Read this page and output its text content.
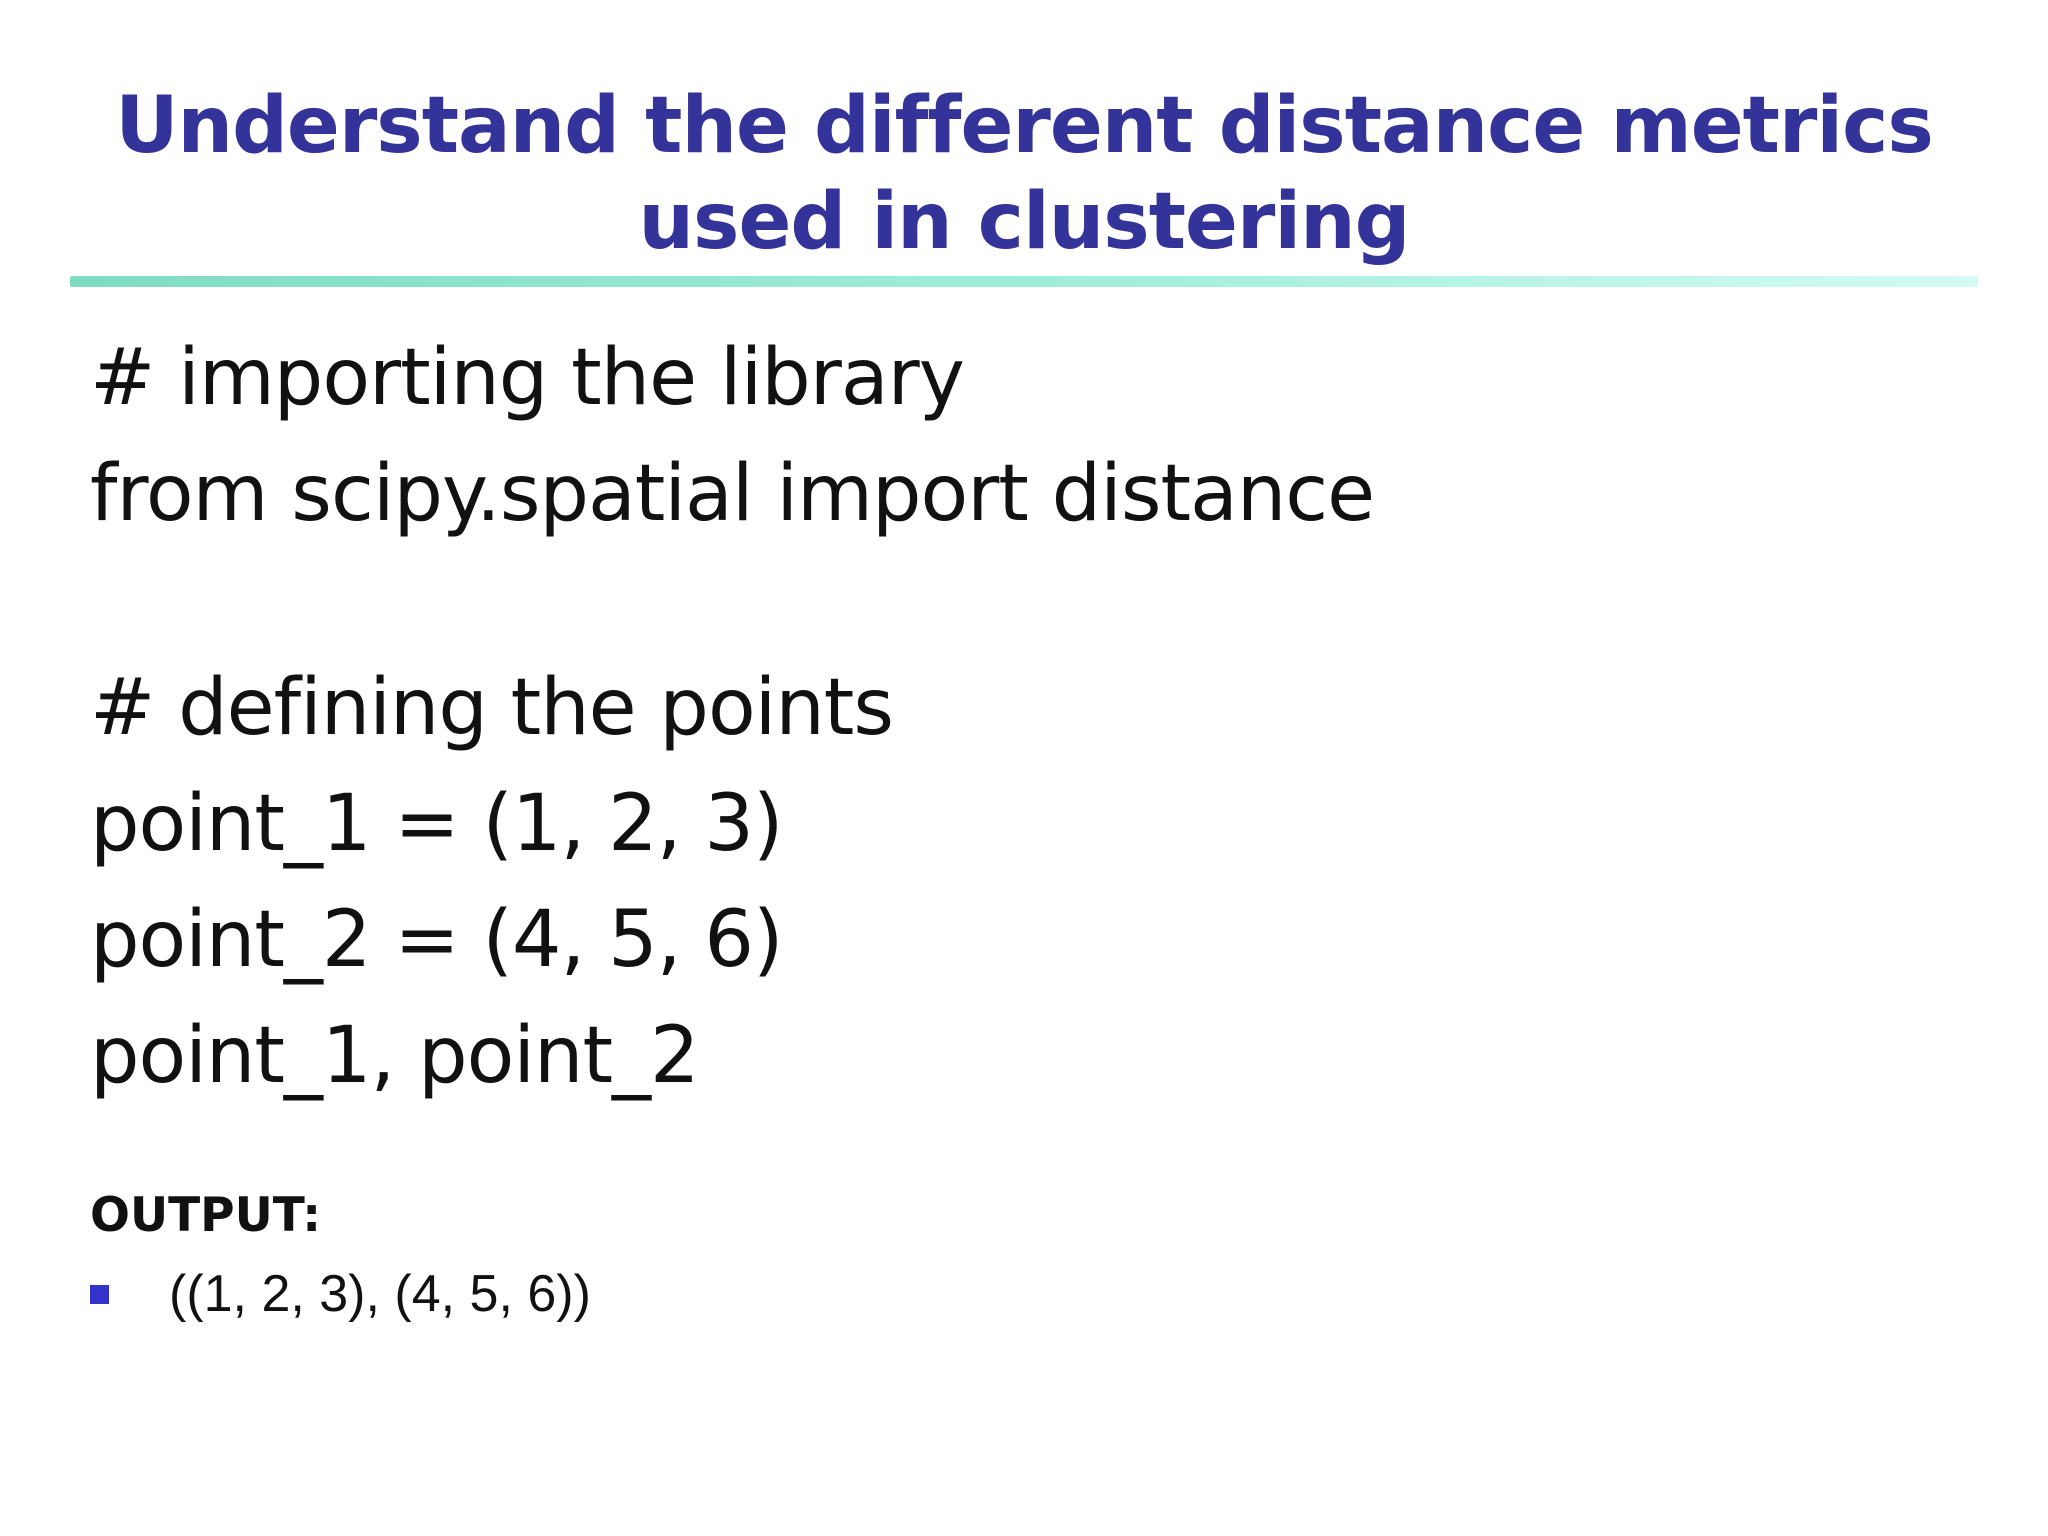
Understand the different distance metrics
used in clustering
# importing the library
from scipy.spatial import distance
# defining the points
point_1 = (1, 2, 3)
point_2 = (4, 5, 6)
point_1, point_2
OUTPUT:
((1, 2, 3), (4, 5, 6))
